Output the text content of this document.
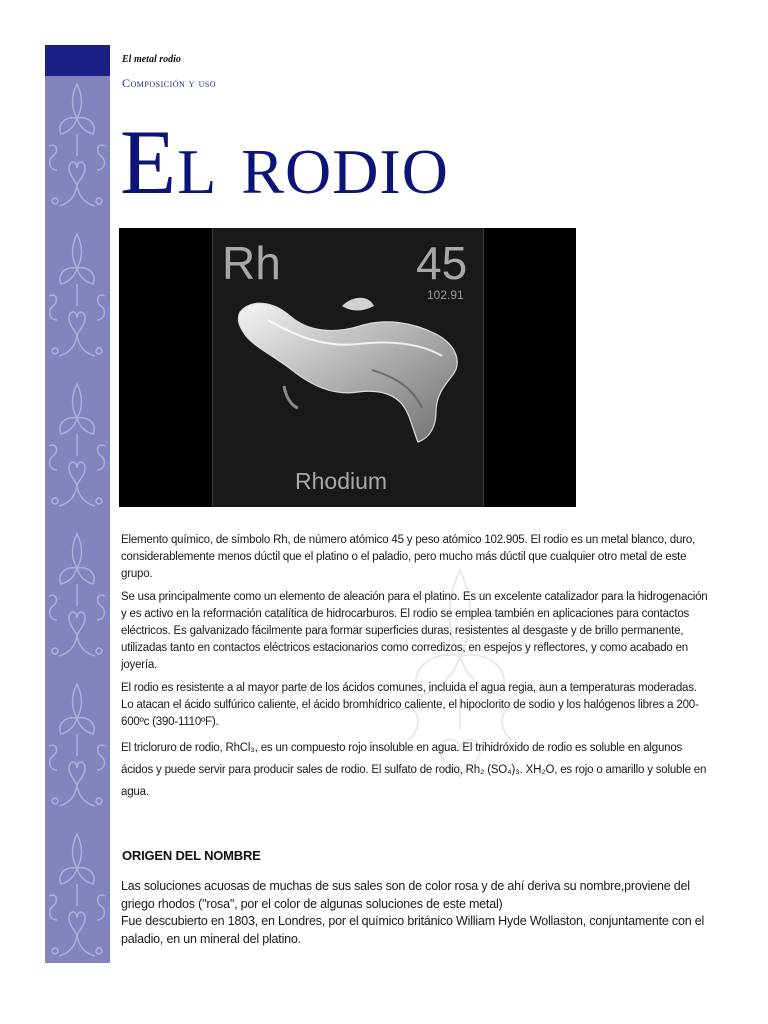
El metal rodio

Composición y uso
El rodio
Rh	45
102.91
Rhodium

Elemento químico, de símbolo Rh, de número atómico 45 y peso atómico 102.905. El rodio es un metal blanco, duro, considerablemente menos dúctil que el platino o el paladio, pero mucho más dúctil que cualquier otro metal de este grupo.

Se usa principalmente como un elemento de aleación para el platino. Es un excelente catalizador para la hidrogenación y es activo en la reformación catalítica de hidrocarburos. El rodio se emplea también en aplicaciones para contactos eléctricos. Es galvanizado fácilmente para formar superficies duras, resistentes al desgaste y de brillo permanente, utilizadas tanto en contactos eléctricos estacionarios como corredizos, en espejos y reflectores, y como acabado en joyería.

El rodio es resistente a al mayor parte de los ácidos comunes, incluida el agua regia, aun a temperaturas moderadas. Lo atacan el ácido sulfúrico caliente, el ácido bromhídrico caliente, el hipoclorito de sodio y los halógenos libres a 200-600ºc (390-1110ºF).

El tricloruro de rodio, RhCl₃, es un compuesto rojo insoluble en agua. El trihidróxido de rodio es soluble en algunos ácidos y puede servir para producir sales de rodio. El sulfato de rodio, Rh₂ (SO₄)₃. XH₂O, es rojo o amarillo y soluble en agua.

ORIGEN DEL NOMBRE

Las soluciones acuosas de muchas de sus sales son de color rosa y de ahí deriva su nombre,proviene del griego rhodos ("rosa", por el color de algunas soluciones de este metal)

Fue descubierto en 1803, en Londres, por el químico británico William Hyde Wollaston, conjuntamente con el paladio, en un mineral del platino.
